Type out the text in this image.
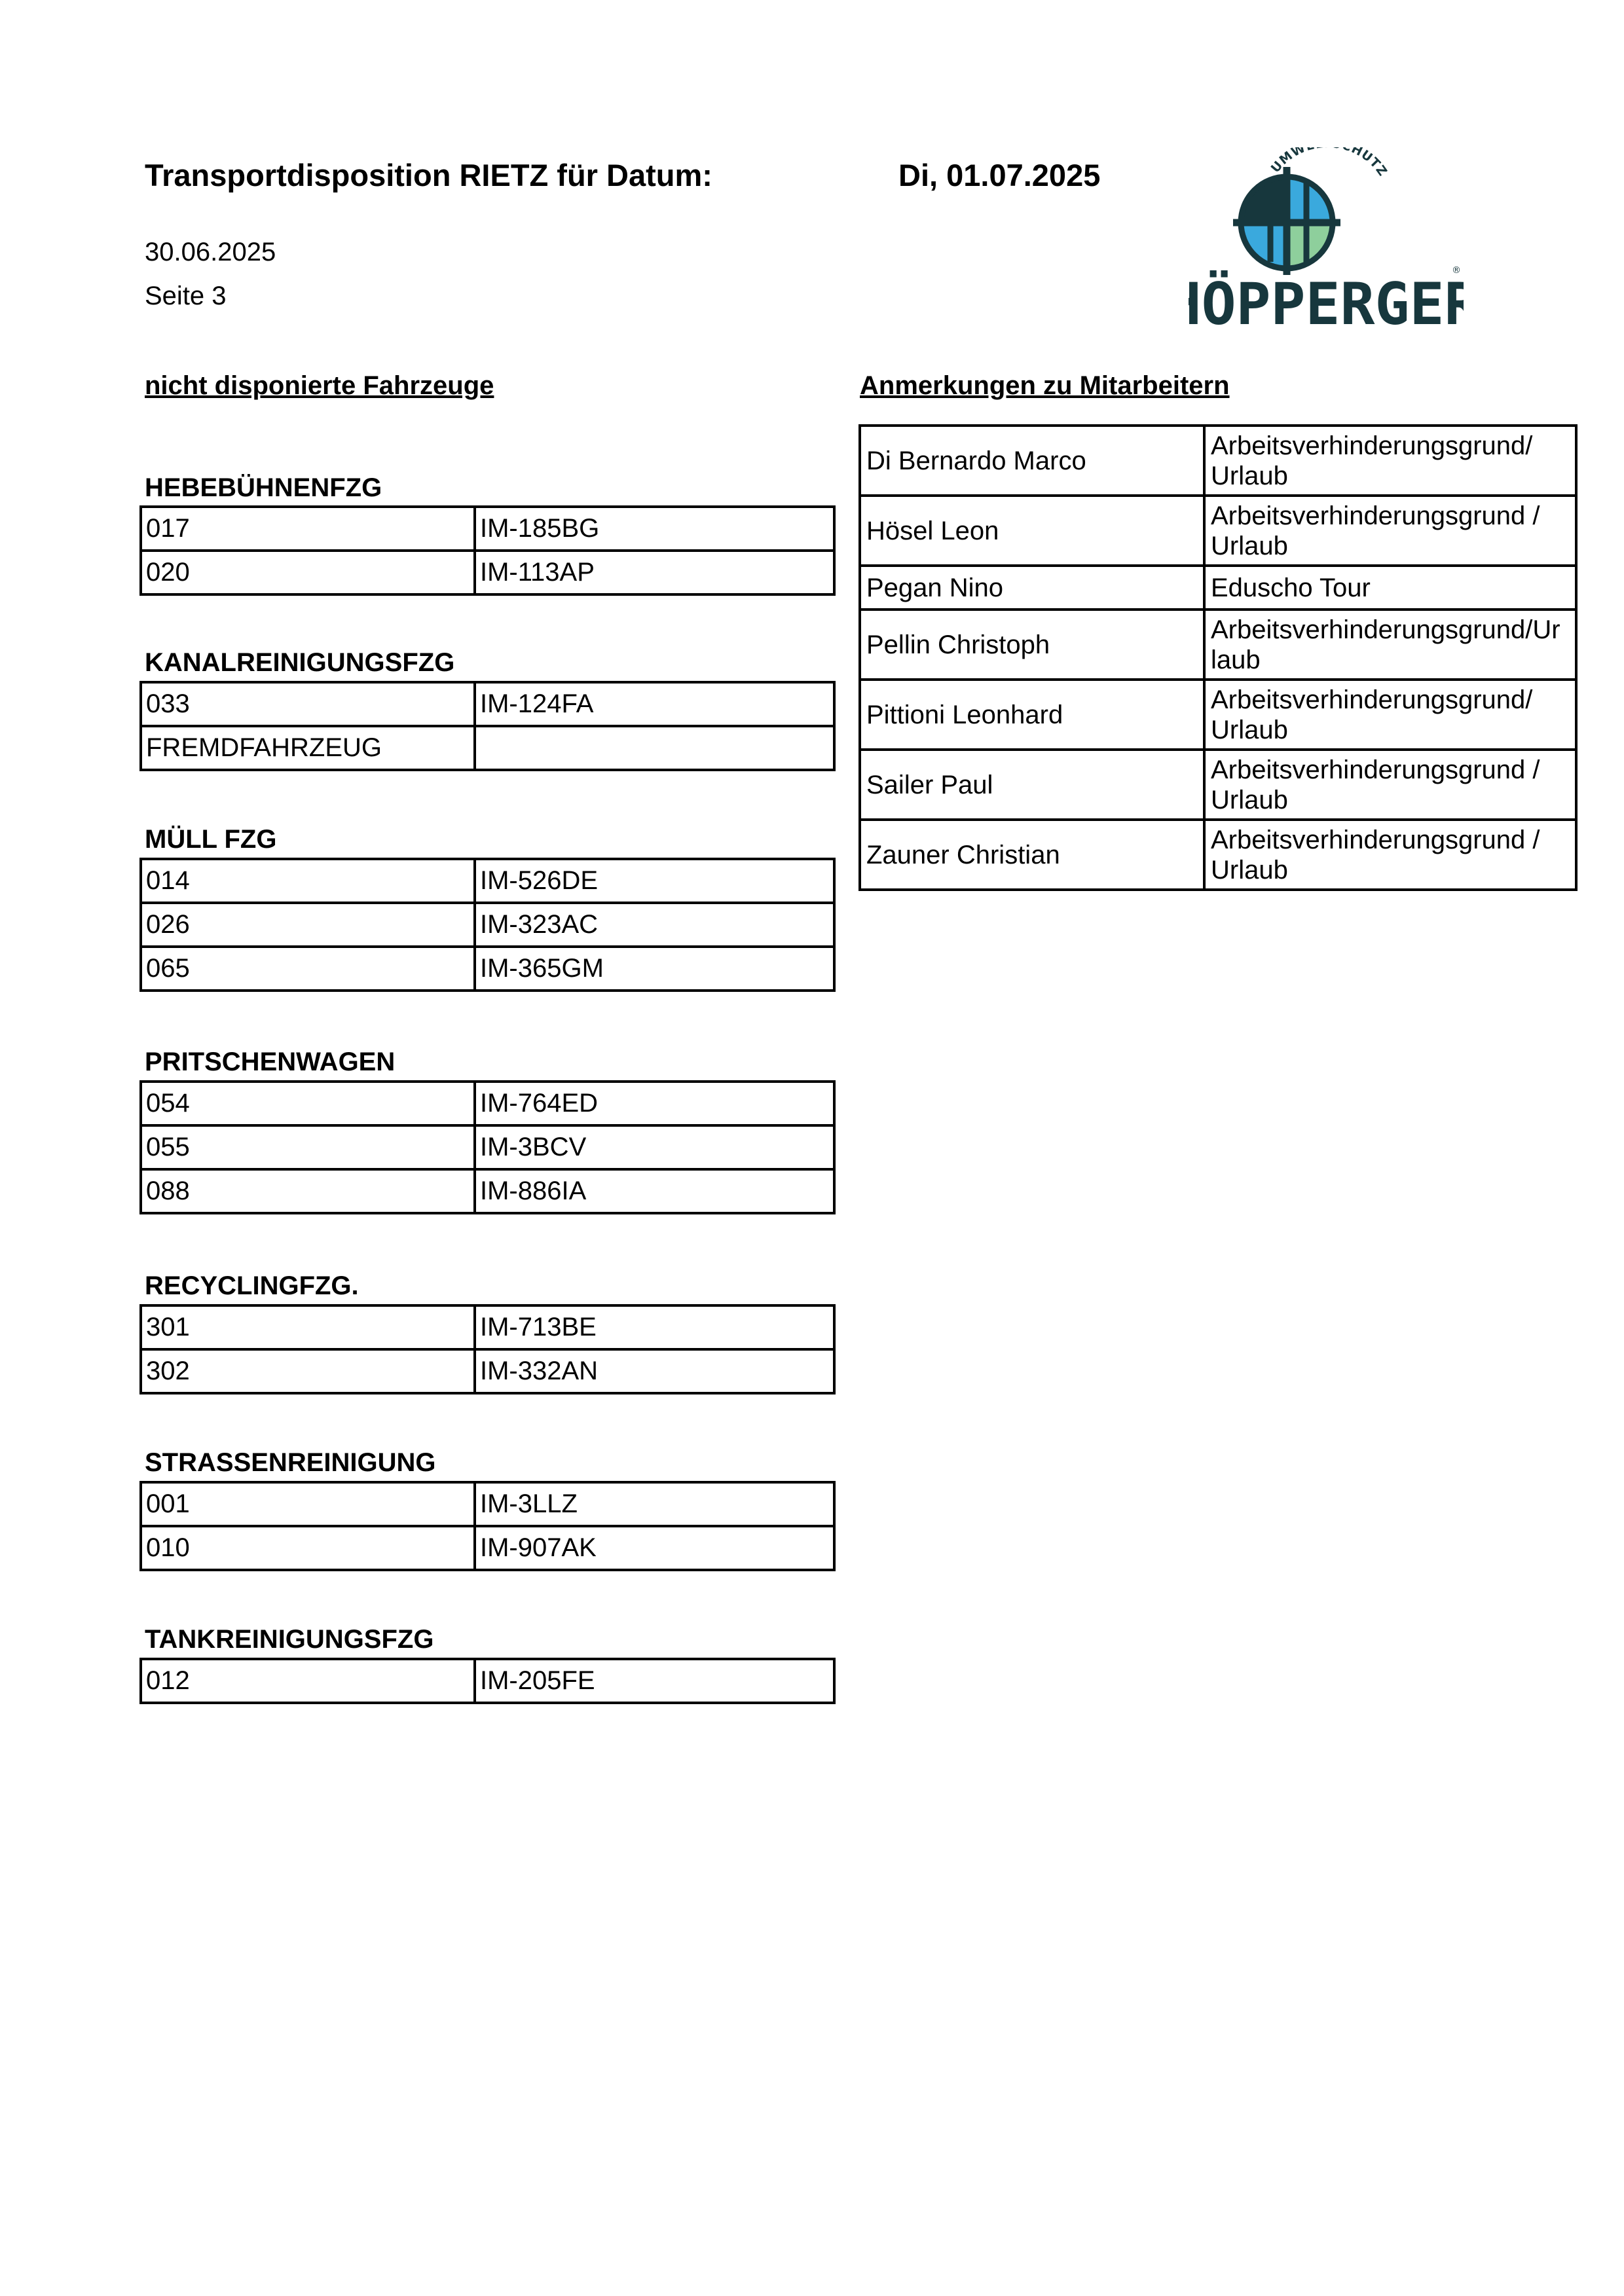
Transportdisposition RIETZ für Datum:	Di, 01.07.2025
30.06.2025
Seite 3
UMW HUTZ
ÖPPERGER
®
nicht disponierte Fahrzeuge	Anmerkungen zu Mitarbeitern
HEBEBÜHNENFZG
017	IM-185BG
020	IM-113AP
KANALREINIGUNGSFZG
033	IM-124FA
FREMDFAHRZEUG	
MÜLL FZG
014	IM-526DE
026	IM-323AC
065	IM-365GM
PRITSCHENWAGEN
054	IM-764ED
055	IM-3BCV
088	IM-886IA
RECYCLINGFZG.
301	IM-713BE
302	IM-332AN
STRASSENREINIGUNG
001	IM-3LLZ
010	IM-907AK
TANKREINIGUNGSFZG
012	IM-205FE
Di Bernardo Marco	Arbeitsverhinderungsgrund/
Urlaub
Hösel Leon	Arbeitsverhinderungsgrund /
Urlaub
Pegan Nino	Eduscho Tour
Pellin Christoph	Arbeitsverhinderungsgrund/Ur
laub
Pittioni Leonhard	Arbeitsverhinderungsgrund/
Urlaub
Sailer Paul	Arbeitsverhinderungsgrund /
Urlaub
Zauner Christian	Arbeitsverhinderungsgrund /
Urlaub
